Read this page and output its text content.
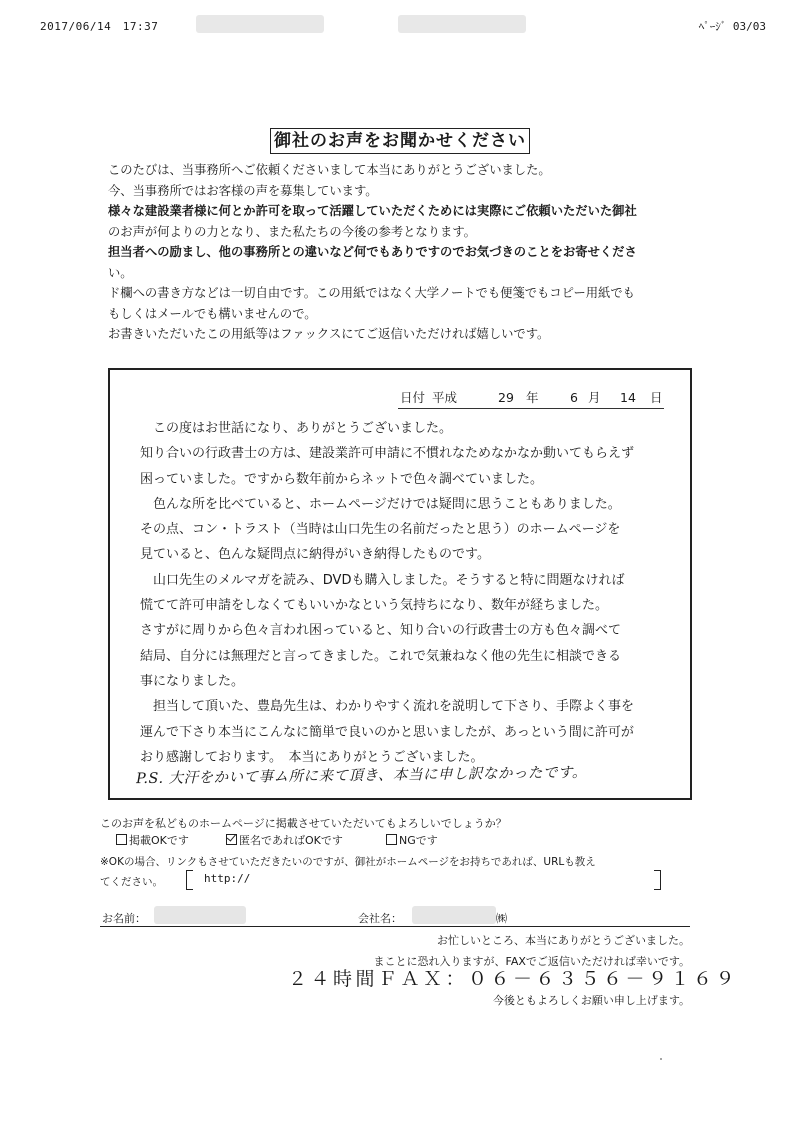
2017/06/14　17:37	ﾍﾟｰｼﾞ 03/03
御社のお声をお聞かせください

このたびは、当事務所へご依頼くださいまして本当にありがとうございました。

今、当事務所ではお客様の声を募集しています。

様々な建設業者様に何とか許可を取って活躍していただくためには実際にご依頼いただいた御社

のお声が何よりの力となり、また私たちの今後の参考となります。

担当者への励まし、他の事務所との違いなど何でもありですのでお気づきのことをお寄せくださ

い。

ド欄への書き方などは一切自由です。この用紙ではなく大学ノートでも便箋でもコピー用紙でも

もしくはメールでも構いませんので。

お書きいただいたこの用紙等はファックスにてご返信いただければ嬉しいです。

日付 平成	29 年	6 月 14 日

　この度はお世話になり、ありがとうございました。

知り合いの行政書士の方は、建設業許可申請に不慣れなためなかなか動いてもらえず

困っていました。ですから数年前からネットで色々調べていました。

　色んな所を比べていると、ホームページだけでは疑問に思うこともありました。

その点、コン・トラスト（当時は山口先生の名前だったと思う）のホームページを

見ていると、色んな疑問点に納得がいき納得したものです。

　山口先生のメルマガを読み、DVDも購入しました。そうすると特に問題なければ

慌てて許可申請をしなくてもいいかなという気持ちになり、数年が経ちました。

さすがに周りから色々言われ困っていると、知り合いの行政書士の方も色々調べて

結局、自分には無理だと言ってきました。これで気兼ねなく他の先生に相談できる

事になりました。

　担当して頂いた、豊島先生は、わかりやすく流れを説明して下さり、手際よく事を

運んで下さり本当にこんなに簡単で良いのかと思いましたが、あっという間に許可が

おり感謝しております。　本当にありがとうございました。

P.S. 大汗をかいて事ム所に来て頂き、本当に申し訳なかったです。

このお声を私どものホームページに掲載させていただいてもよろしいでしょうか？

掲載OKです	匿名であればOKです	NGです

※OKの場合、リンクもさせていただきたいのですが、御社がホームページをお持ちであれば、URLも教え

てください。	http://
お名前：	会社名：	㈱
お忙しいところ、本当にありがとうございました。
まことに恐れ入りますが、FAXでご返信いただければ幸いです。
２４時間ＦＡＸ：０６－６３５６－９１６９
今後ともよろしくお願い申し上げます。
